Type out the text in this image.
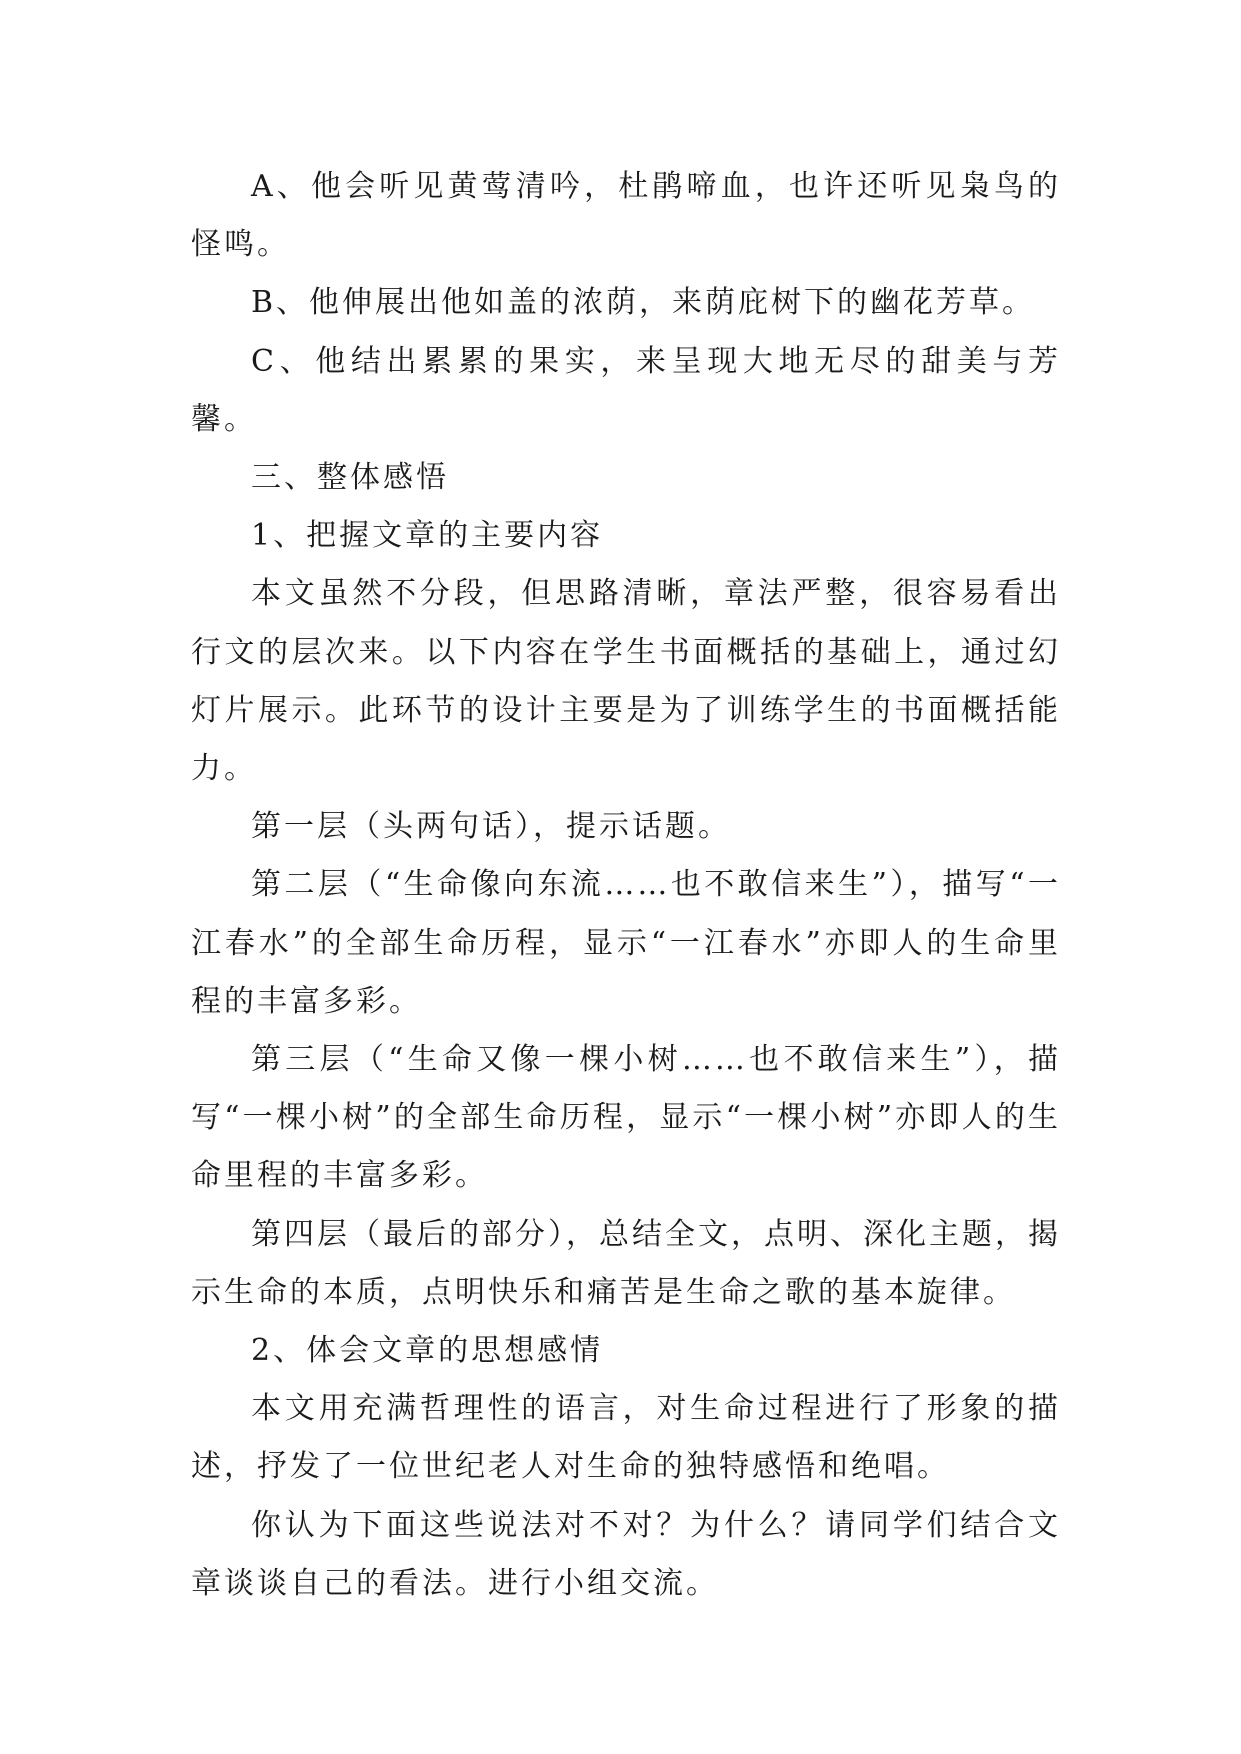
A、他会听见黄莺清吟，杜鹃啼血，也许还听见枭鸟的怪鸣。

B、他伸展出他如盖的浓荫，来荫庇树下的幽花芳草。

C、他结出累累的果实，来呈现大地无尽的甜美与芳馨。

三、整体感悟

1、把握文章的主要内容

本文虽然不分段，但思路清晰，章法严整，很容易看出行文的层次来。以下内容在学生书面概括的基础上，通过幻灯片展示。此环节的设计主要是为了训练学生的书面概括能力。

第一层（头两句话），提示话题。

第二层（“生命像向东流……也不敢信来生”），描写“一江春水”的全部生命历程，显示“一江春水”亦即人的生命里程的丰富多彩。

第三层（“生命又像一棵小树……也不敢信来生”），描写“一棵小树”的全部生命历程，显示“一棵小树”亦即人的生命里程的丰富多彩。

第四层（最后的部分），总结全文，点明、深化主题，揭示生命的本质，点明快乐和痛苦是生命之歌的基本旋律。

2、体会文章的思想感情

本文用充满哲理性的语言，对生命过程进行了形象的描述，抒发了一位世纪老人对生命的独特感悟和绝唱。

你认为下面这些说法对不对？为什么？请同学们结合文章谈谈自己的看法。进行小组交流。
